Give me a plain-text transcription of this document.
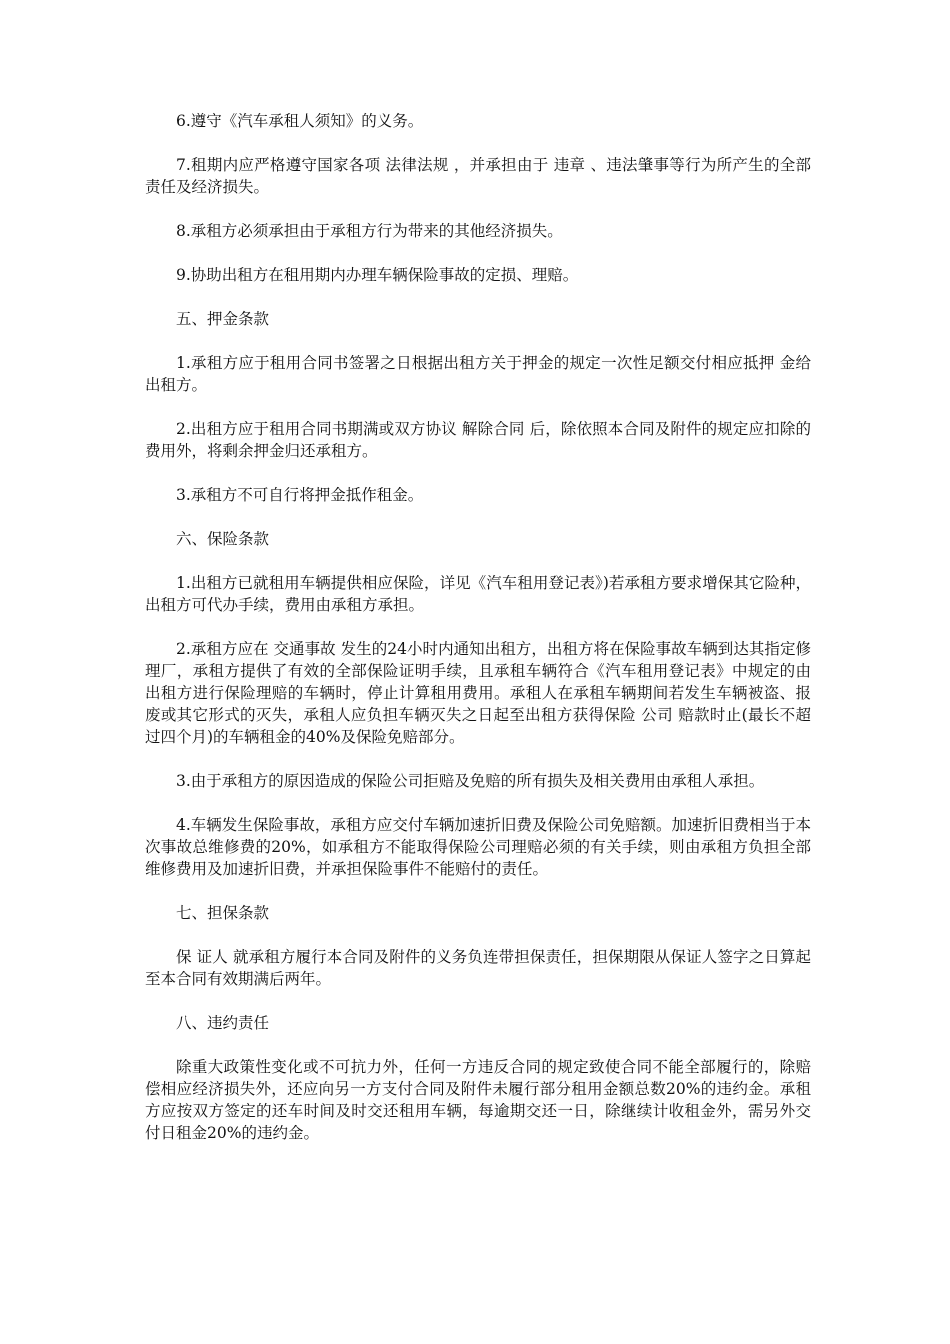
6.遵守《汽车承租人须知》的义务。

7.租期内应严格遵守国家各项 法律法规 ，并承担由于 违章 、违法肇事等行为所产生的全部责任及经济损失。

8.承租方必须承担由于承租方行为带来的其他经济损失。

9.协助出租方在租用期内办理车辆保险事故的定损、理赔。

五、押金条款

1.承租方应于租用合同书签署之日根据出租方关于押金的规定一次性足额交付相应抵押 金给出租方。

2.出租方应于租用合同书期满或双方协议 解除合同 后，除依照本合同及附件的规定应扣除的费用外，将剩余押金归还承租方。

3.承租方不可自行将押金抵作租金。

六、保险条款

1.出租方已就租用车辆提供相应保险，详见《汽车租用登记表》)若承租方要求增保其它险种，出租方可代办手续，费用由承租方承担。

2.承租方应在 交通事故 发生的24小时内通知出租方，出租方将在保险事故车辆到达其指定修理厂，承租方提供了有效的全部保险证明手续，且承租车辆符合《汽车租用登记表》中规定的由出租方进行保险理赔的车辆时，停止计算租用费用。承租人在承租车辆期间若发生车辆被盗、报废或其它形式的灭失，承租人应负担车辆灭失之日起至出租方获得保险 公司 赔款时止(最长不超过四个月)的车辆租金的40%及保险免赔部分。

3.由于承租方的原因造成的保险公司拒赔及免赔的所有损失及相关费用由承租人承担。

4.车辆发生保险事故，承租方应交付车辆加速折旧费及保险公司免赔额。加速折旧费相当于本次事故总维修费的20%，如承租方不能取得保险公司理赔必须的有关手续，则由承租方负担全部维修费用及加速折旧费，并承担保险事件不能赔付的责任。

七、担保条款

保 证人 就承租方履行本合同及附件的义务负连带担保责任，担保期限从保证人签字之日算起至本合同有效期满后两年。

八、违约责任

除重大政策性变化或不可抗力外，任何一方违反合同的规定致使合同不能全部履行的，除赔偿相应经济损失外，还应向另一方支付合同及附件未履行部分租用金额总数20%的违约金。承租方应按双方签定的还车时间及时交还租用车辆，每逾期交还一日，除继续计收租金外，需另外交付日租金20%的违约金。
